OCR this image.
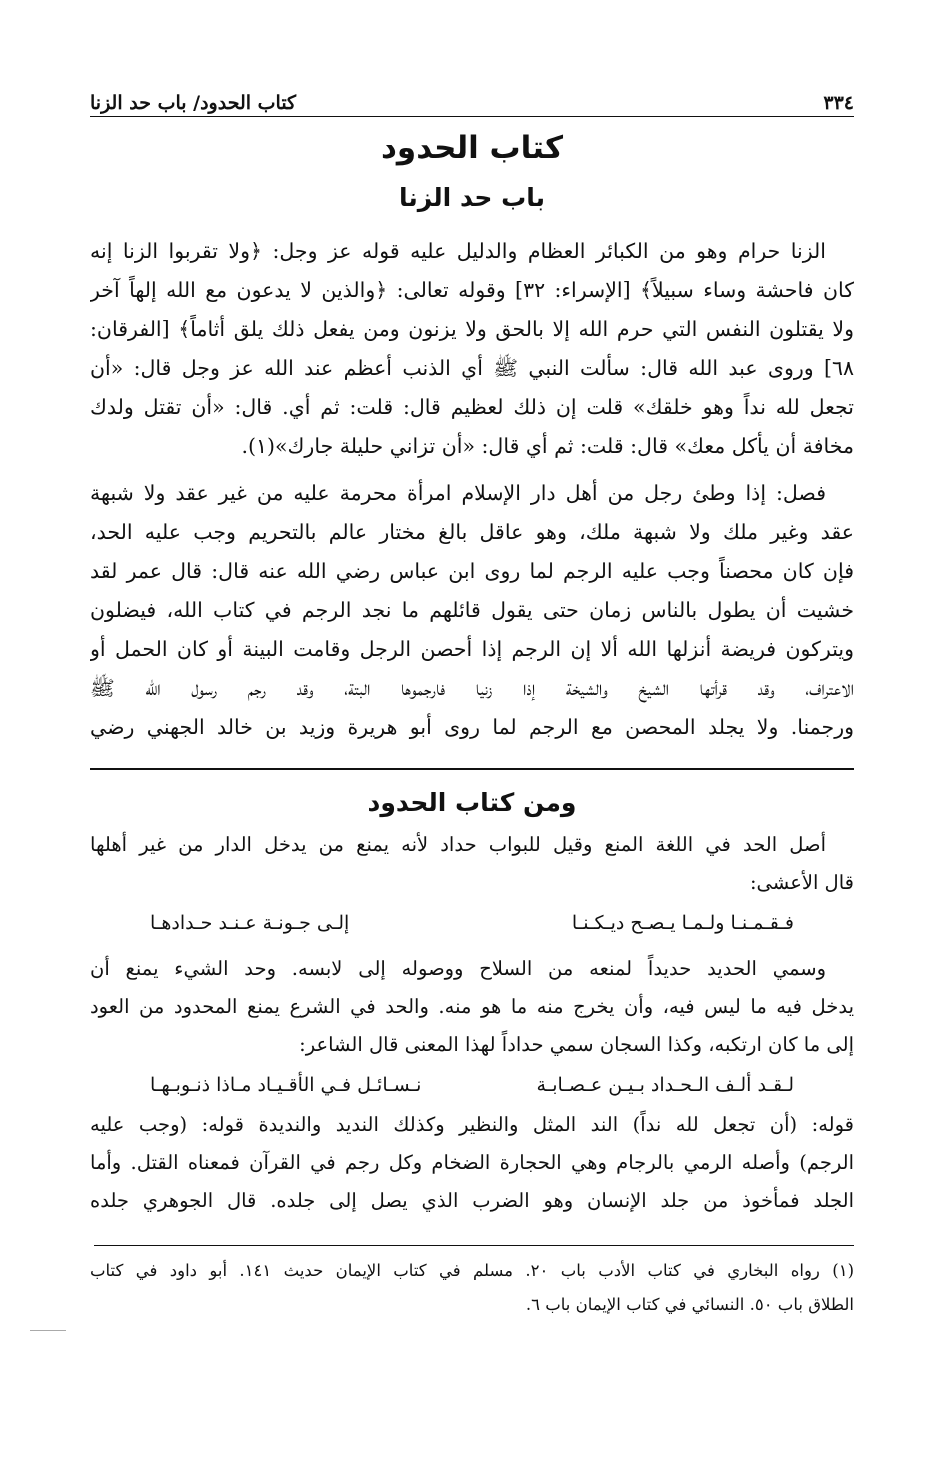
٣٣٤
كتاب الحدود/ باب حد الزنا
كتاب الحدود
باب حد الزنا
الزنا حرام وهو من الكبائر العظام والدليل عليه قوله عز وجل: ﴿ولا تقربوا الزنا إنه
كان فاحشة وساء سبيلاً﴾ [الإسراء: ٣٢] وقوله تعالى: ﴿والذين لا يدعون مع الله إلهاً آخر
ولا يقتلون النفس التي حرم الله إلا بالحق ولا يزنون ومن يفعل ذلك يلق أثاماً﴾ [الفرقان:
٦٨] وروى عبد الله قال: سألت النبي ﷺ أي الذنب أعظم عند الله عز وجل قال: «أن
تجعل لله نداً وهو خلقك» قلت إن ذلك لعظيم قال: قلت: ثم أي. قال: «أن تقتل ولدك
مخافة أن يأكل معك» قال: قلت: ثم أي قال: «أن تزاني حليلة جارك»(١).
فصل: إذا وطئ رجل من أهل دار الإسلام امرأة محرمة عليه من غير عقد ولا شبهة
عقد وغير ملك ولا شبهة ملك، وهو عاقل بالغ مختار عالم بالتحريم وجب عليه الحد،
فإن كان محصناً وجب عليه الرجم لما روى ابن عباس رضي الله عنه قال: قال عمر لقد
خشيت أن يطول بالناس زمان حتى يقول قائلهم ما نجد الرجم في كتاب الله، فيضلون
ويتركون فريضة أنزلها الله ألا إن الرجم إذا أحصن الرجل وقامت البينة أو كان الحمل أو
الاعتراف، وقد قرأتها الشيخ والشيخة إذا زنيا فارجموها البتة، وقد رجم رسول الله ﷺ
ورجمنا. ولا يجلد المحصن مع الرجم لما روى أبو هريرة وزيد بن خالد الجهني رضي
ومن كتاب الحدود
أصل الحد في اللغة المنع وقيل للبواب حداد لأنه يمنع من يدخل الدار من غير أهلها
قال الأعشى:
فـقـمـنـا ولـمـا يـصـح ديـكـنـا
إلـى جـونـة عـنـد حـدادهـا
وسمي الحديد حديداً لمنعه من السلاح ووصوله إلى لابسه. وحد الشيء يمنع أن
يدخل فيه ما ليس فيه، وأن يخرج منه ما هو منه. والحد في الشرع يمنع المحدود من العود
إلى ما كان ارتكبه، وكذا السجان سمي حداداً لهذا المعنى قال الشاعر:
لـقـد ألـف الـحـداد بـيـن عـصـابـة
نـسـائـل فـي الأقـيـاد مـاذا ذنـوبـهـا
قوله: (أن تجعل لله نداً) الند المثل والنظير وكذلك النديد والنديدة قوله: (وجب عليه
الرجم) وأصله الرمي بالرجام وهي الحجارة الضخام وكل رجم في القرآن فمعناه القتل. وأما
الجلد فمأخوذ من جلد الإنسان وهو الضرب الذي يصل إلى جلده. قال الجوهري جلده
(١) رواه البخاري في كتاب الأدب باب ٢٠. مسلم في كتاب الإيمان حديث ١٤١. أبو داود في كتاب
الطلاق باب ٥٠. النسائي في كتاب الإيمان باب ٦.
